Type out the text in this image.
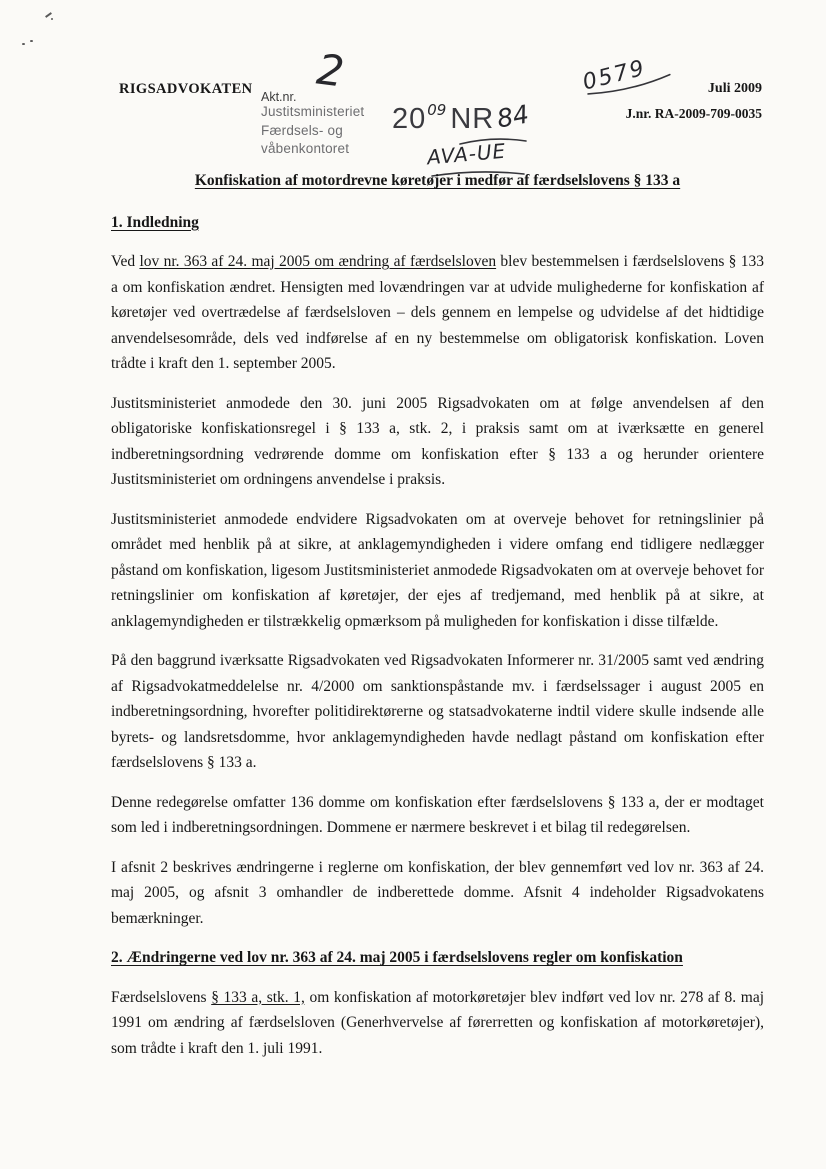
RIGSADVOKATEN Akt.nr.
2	Juli 2009
J.nr. RA-2009-709-0035
Justitsministeriet
Færdsels- og
våbenkontoret
2009 NR84
AVA-UE
0579
Konfiskation af motordrevne køretøjer i medfør af færdselslovens § 133 a
1. Indledning

Ved lov nr. 363 af 24. maj 2005 om ændring af færdselsloven blev bestemmelsen i færdselslovens § 133 a om konfiskation ændret. Hensigten med lovændringen var at udvide mulighederne for konfiskation af køretøjer ved overtrædelse af færdselsloven – dels gennem en lempelse og udvidelse af det hidtidige anvendelsesområde, dels ved indførelse af en ny bestemmelse om obligatorisk konfiskation. Loven trådte i kraft den 1. september 2005.

Justitsministeriet anmodede den 30. juni 2005 Rigsadvokaten om at følge anvendelsen af den obligatoriske konfiskationsregel i § 133 a, stk. 2, i praksis samt om at iværksætte en generel indberetningsordning vedrørende domme om konfiskation efter § 133 a og herunder orientere Justitsministeriet om ordningens anvendelse i praksis.

Justitsministeriet anmodede endvidere Rigsadvokaten om at overveje behovet for retningslinier på området med henblik på at sikre, at anklagemyndigheden i videre omfang end tidligere nedlægger påstand om konfiskation, ligesom Justitsministeriet anmodede Rigsadvokaten om at overveje behovet for retningslinier om konfiskation af køretøjer, der ejes af tredjemand, med henblik på at sikre, at anklagemyndigheden er tilstrækkelig opmærksom på muligheden for konfiskation i disse tilfælde.

På den baggrund iværksatte Rigsadvokaten ved Rigsadvokaten Informerer nr. 31/2005 samt ved ændring af Rigsadvokatmeddelelse nr. 4/2000 om sanktionspåstande mv. i færdselssager i august 2005 en indberetningsordning, hvorefter politidirektørerne og statsadvokaterne indtil videre skulle indsende alle byrets- og landsretsdomme, hvor anklagemyndigheden havde nedlagt påstand om konfiskation efter færdselslovens § 133 a.

Denne redegørelse omfatter 136 domme om konfiskation efter færdselslovens § 133 a, der er modtaget som led i indberetningsordningen. Dommene er nærmere beskrevet i et bilag til redegørelsen.

I afsnit 2 beskrives ændringerne i reglerne om konfiskation, der blev gennemført ved lov nr. 363 af 24. maj 2005, og afsnit 3 omhandler de indberettede domme. Afsnit 4 indeholder Rigsadvokatens bemærkninger.

2. Ændringerne ved lov nr. 363 af 24. maj 2005 i færdselslovens regler om konfiskation

Færdselslovens § 133 a, stk. 1, om konfiskation af motorkøretøjer blev indført ved lov nr. 278 af 8. maj 1991 om ændring af færdselsloven (Generhvervelse af førerretten og konfiskation af motorkøretøjer), som trådte i kraft den 1. juli 1991.
